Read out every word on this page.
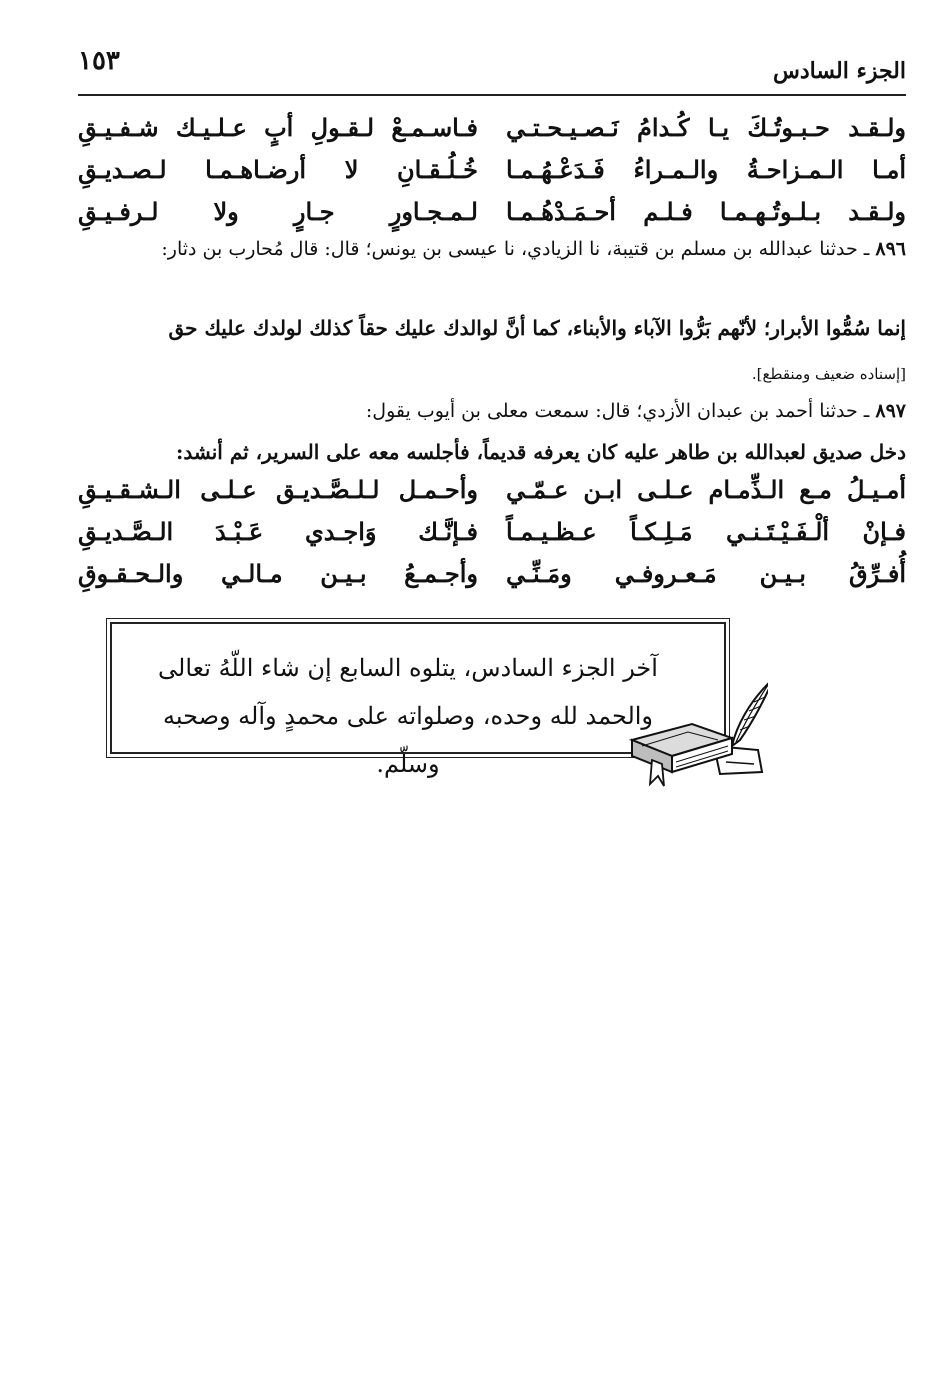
الجزء السادس
١٥٣
ولـقـد حـبـوتُـكَ يـا كُـدامُ نَـصـيـحـتـي
فـاسـمـعْ لـقـولِ أبٍ عـلـيـك شـفـيـقِ
أمـا الـمـزاحـةُ والـمـراءُ فَـدَعْـهُـمـا
خُـلُـقـانِ لا أرضـاهـمـا لـصـديـقِ
ولـقـد بـلـوتُـهـمـا فـلـم أحـمَـدْهُـمـا
لـمـجـاورٍ جـارٍ ولا لـرفـيـقِ
٨٩٦ ـ حدثنا عبدالله بن مسلم بن قتيبة، نا الزيادي، نا عيسى بن يونس؛ قال: قال مُحارب بن دثار:
إنما سُمُّوا الأبرار؛ لأنّهم بَرُّوا الآباء والأبناء، كما أنَّ لوالدك عليك حقاً كذلك لولدك عليك حق
[إسناده ضعيف ومنقطع].
٨٩٧ ـ حدثنا أحمد بن عبدان الأزدي؛ قال: سمعت معلى بن أيوب يقول:
دخل صديق لعبدالله بن طاهر عليه كان يعرفه قديماً، فأجلسه معه على السرير، ثم أنشد:
أمـيـلُ مـع الـذِّمـام عـلـى ابـن عـمّـي
وأحـمـل لـلـصَّـديـق عـلـى الـشـقـيـقِ
فـإنْ ألْـفَـيْـتَـنـي مَـلِـكـاً عـظـيـمـاً
فـإنَّـك وَاجـدي عَـبْـدَ الـصَّـديـقِ
أُفـرِّقُ بـيـن مَـعـروفـي ومَـنِّـي
وأجـمـعُ بـيـن مـالـي والـحـقـوقِ
آخر الجزء السادس، يتلوه السابع إن شاء اللّهُ تعالى
والحمد لله وحده، وصلواته على محمدٍ وآله وصحبه وسلّم.
